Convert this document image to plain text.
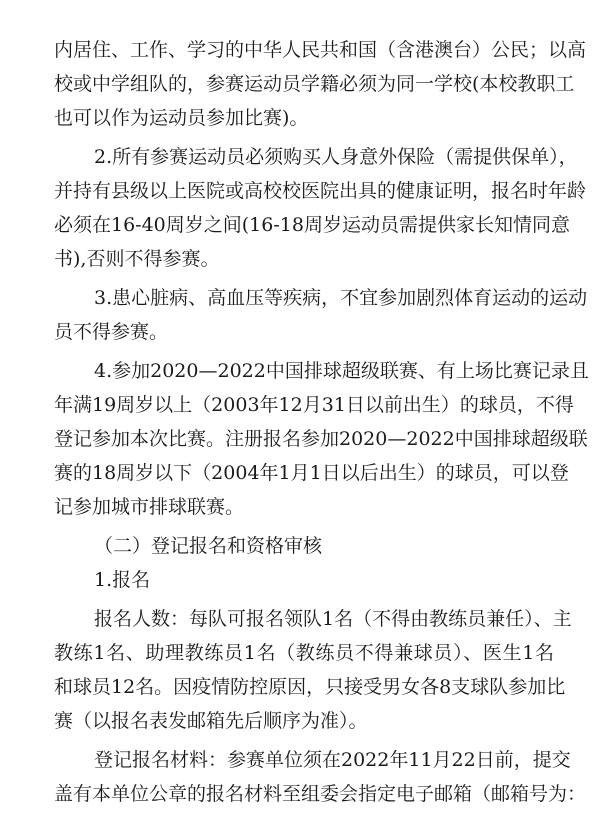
内居住、工作、学习的中华人民共和国（含港澳台）公民；以高
校或中学组队的，参赛运动员学籍必须为同一学校(本校教职工
也可以作为运动员参加比赛)。
2.所有参赛运动员必须购买人身意外保险（需提供保单），
并持有县级以上医院或高校校医院出具的健康证明，报名时年龄
必须在16-40周岁之间(16-18周岁运动员需提供家长知情同意
书),否则不得参赛。
3.患心脏病、高血压等疾病，不宜参加剧烈体育运动的运动
员不得参赛。
4.参加2020—2022中国排球超级联赛、有上场比赛记录且
年满19周岁以上（2003年12月31日以前出生）的球员，不得
登记参加本次比赛。注册报名参加2020—2022中国排球超级联
赛的18周岁以下（2004年1月1日以后出生）的球员，可以登
记参加城市排球联赛。
（二）登记报名和资格审核
1.报名
报名人数：每队可报名领队1名（不得由教练员兼任）、主
教练1名、助理教练员1名（教练员不得兼球员）、医生1名
和球员12名。因疫情防控原因，只接受男女各8支球队参加比
赛（以报名表发邮箱先后顺序为准）。
登记报名材料：参赛单位须在2022年11月22日前，提交
盖有本单位公章的报名材料至组委会指定电子邮箱（邮箱号为：
